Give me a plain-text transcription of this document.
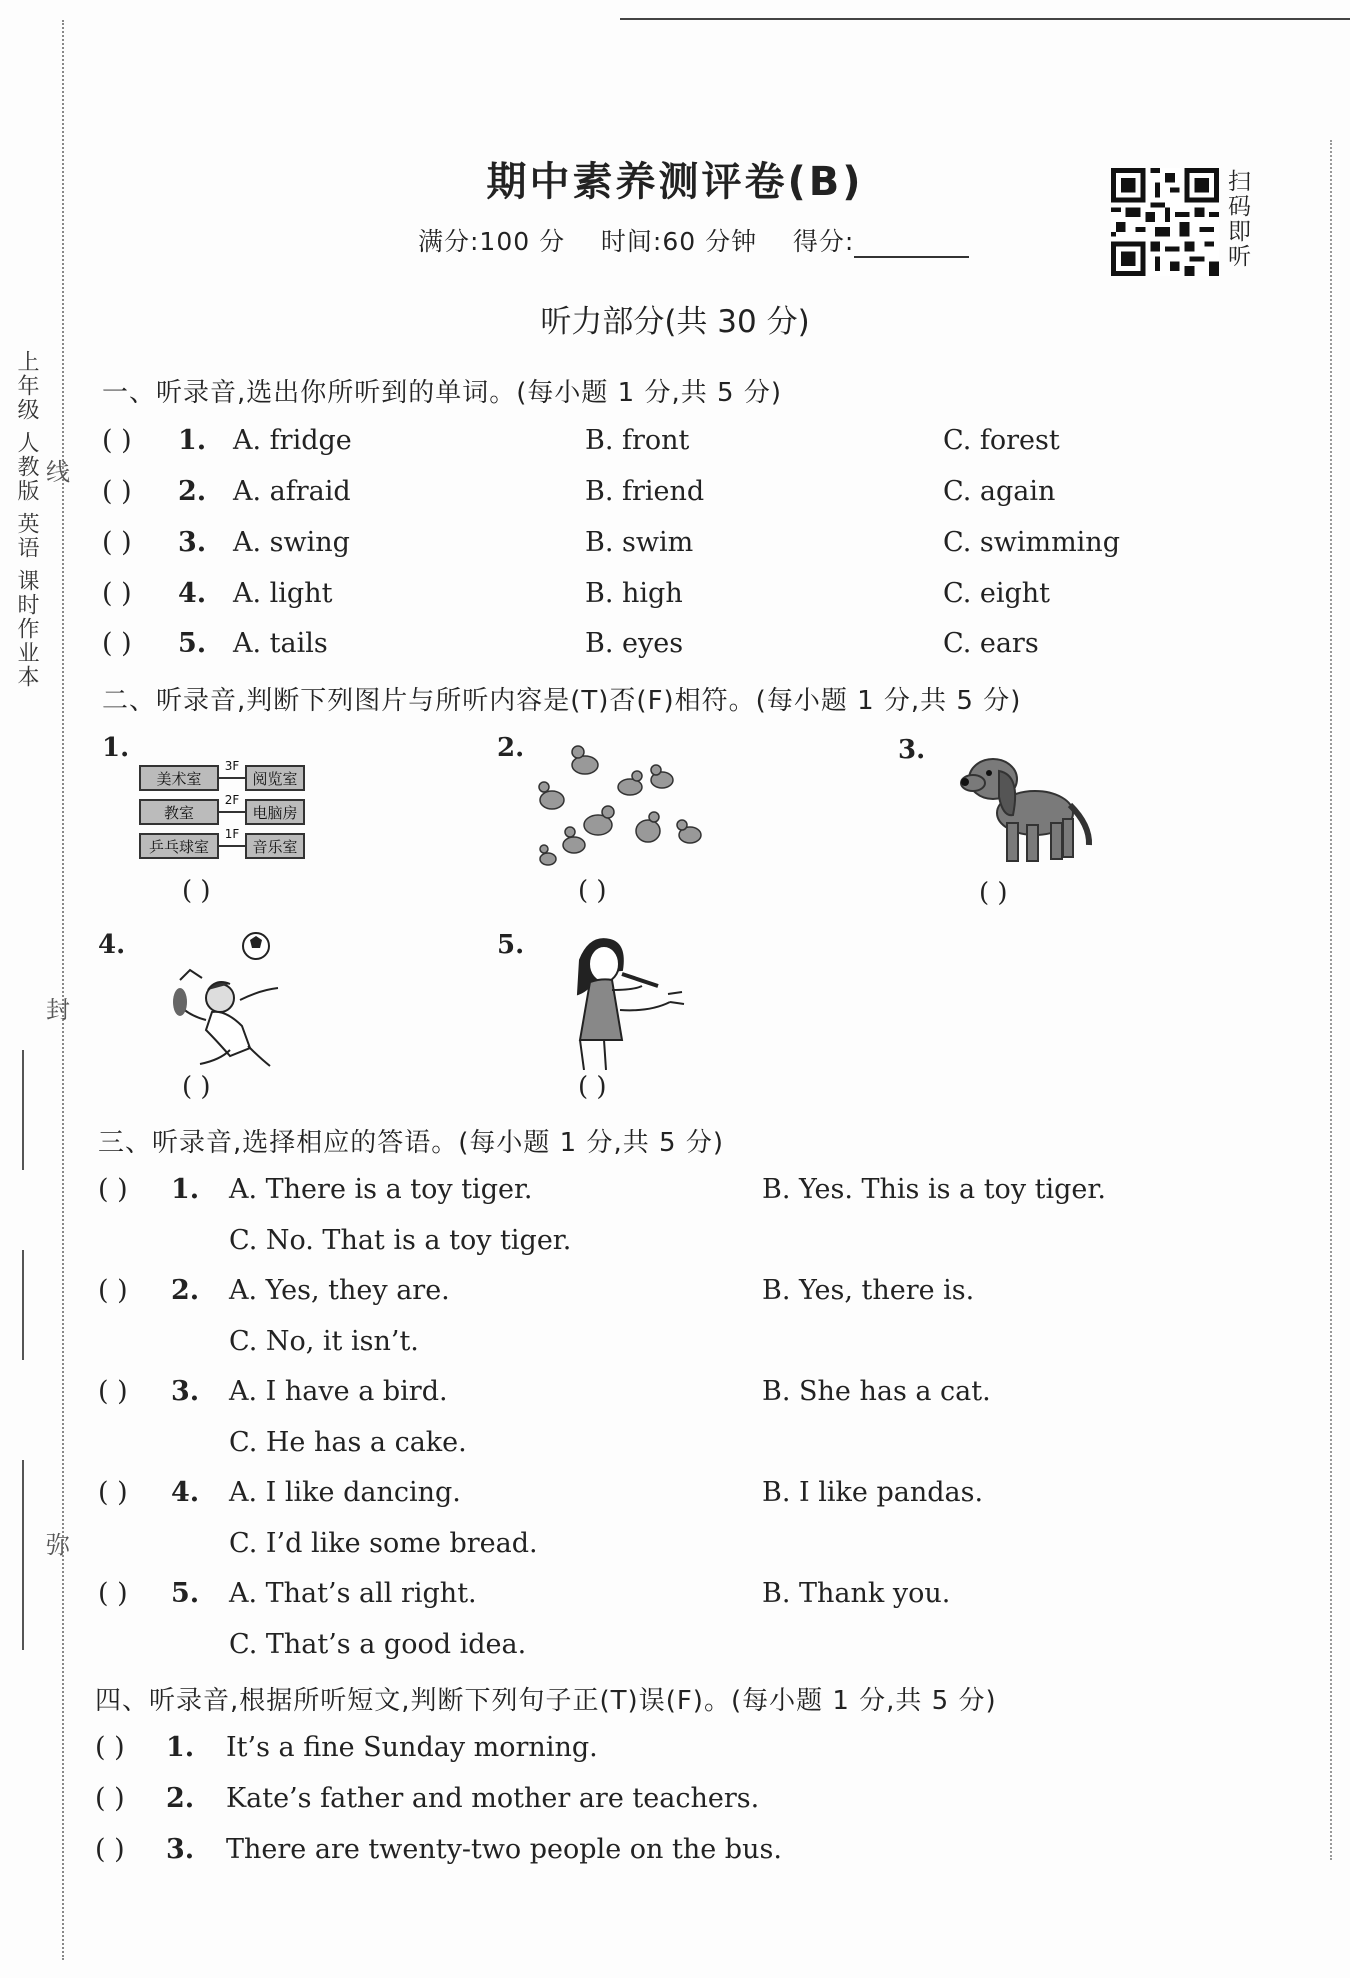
上年级 人教版 英语 课时作业本 线
封
弥
期中素养测评卷(B)
满分:100 分 时间:60 分钟 得分:
扫码即听
听力部分(共 30 分)
一、听录音,选出你所听到的单词。(每小题 1 分,共 5 分)
( ) 1. A. fridge	B. front	C. forest
( ) 2. A. afraid	B. friend	C. again
( ) 3. A. swing	B. swim	C. swimming
( ) 4. A. light	B. high	C. eight
( ) 5. A. tails	B. eyes	C. ears
二、听录音,判断下列图片与所听内容是(T)否(F)相符。(每小题 1 分,共 5 分)
1.
美术室
教室
乒乓球室
阅览室
电脑房
音乐室
3F
2F
1F
( )
2.
( )
3.
( )
4.
( )
5.
( )
三、听录音,选择相应的答语。(每小题 1 分,共 5 分)
( ) 1. A. There is a toy tiger.	B. Yes. This is a toy tiger.
C. No. That is a toy tiger.
( ) 2. A. Yes, they are.	B. Yes, there is.
C. No, it isn’t.
( ) 3. A. I have a bird.	B. She has a cat.
C. He has a cake.
( ) 4. A. I like dancing.	B. I like pandas.
C. I’d like some bread.
( ) 5. A. That’s all right.	B. Thank you.
C. That’s a good idea.
四、听录音,根据所听短文,判断下列句子正(T)误(F)。(每小题 1 分,共 5 分)
( ) 1. It’s a fine Sunday morning.
( ) 2. Kate’s father and mother are teachers.
( ) 3. There are twenty-two people on the bus.
